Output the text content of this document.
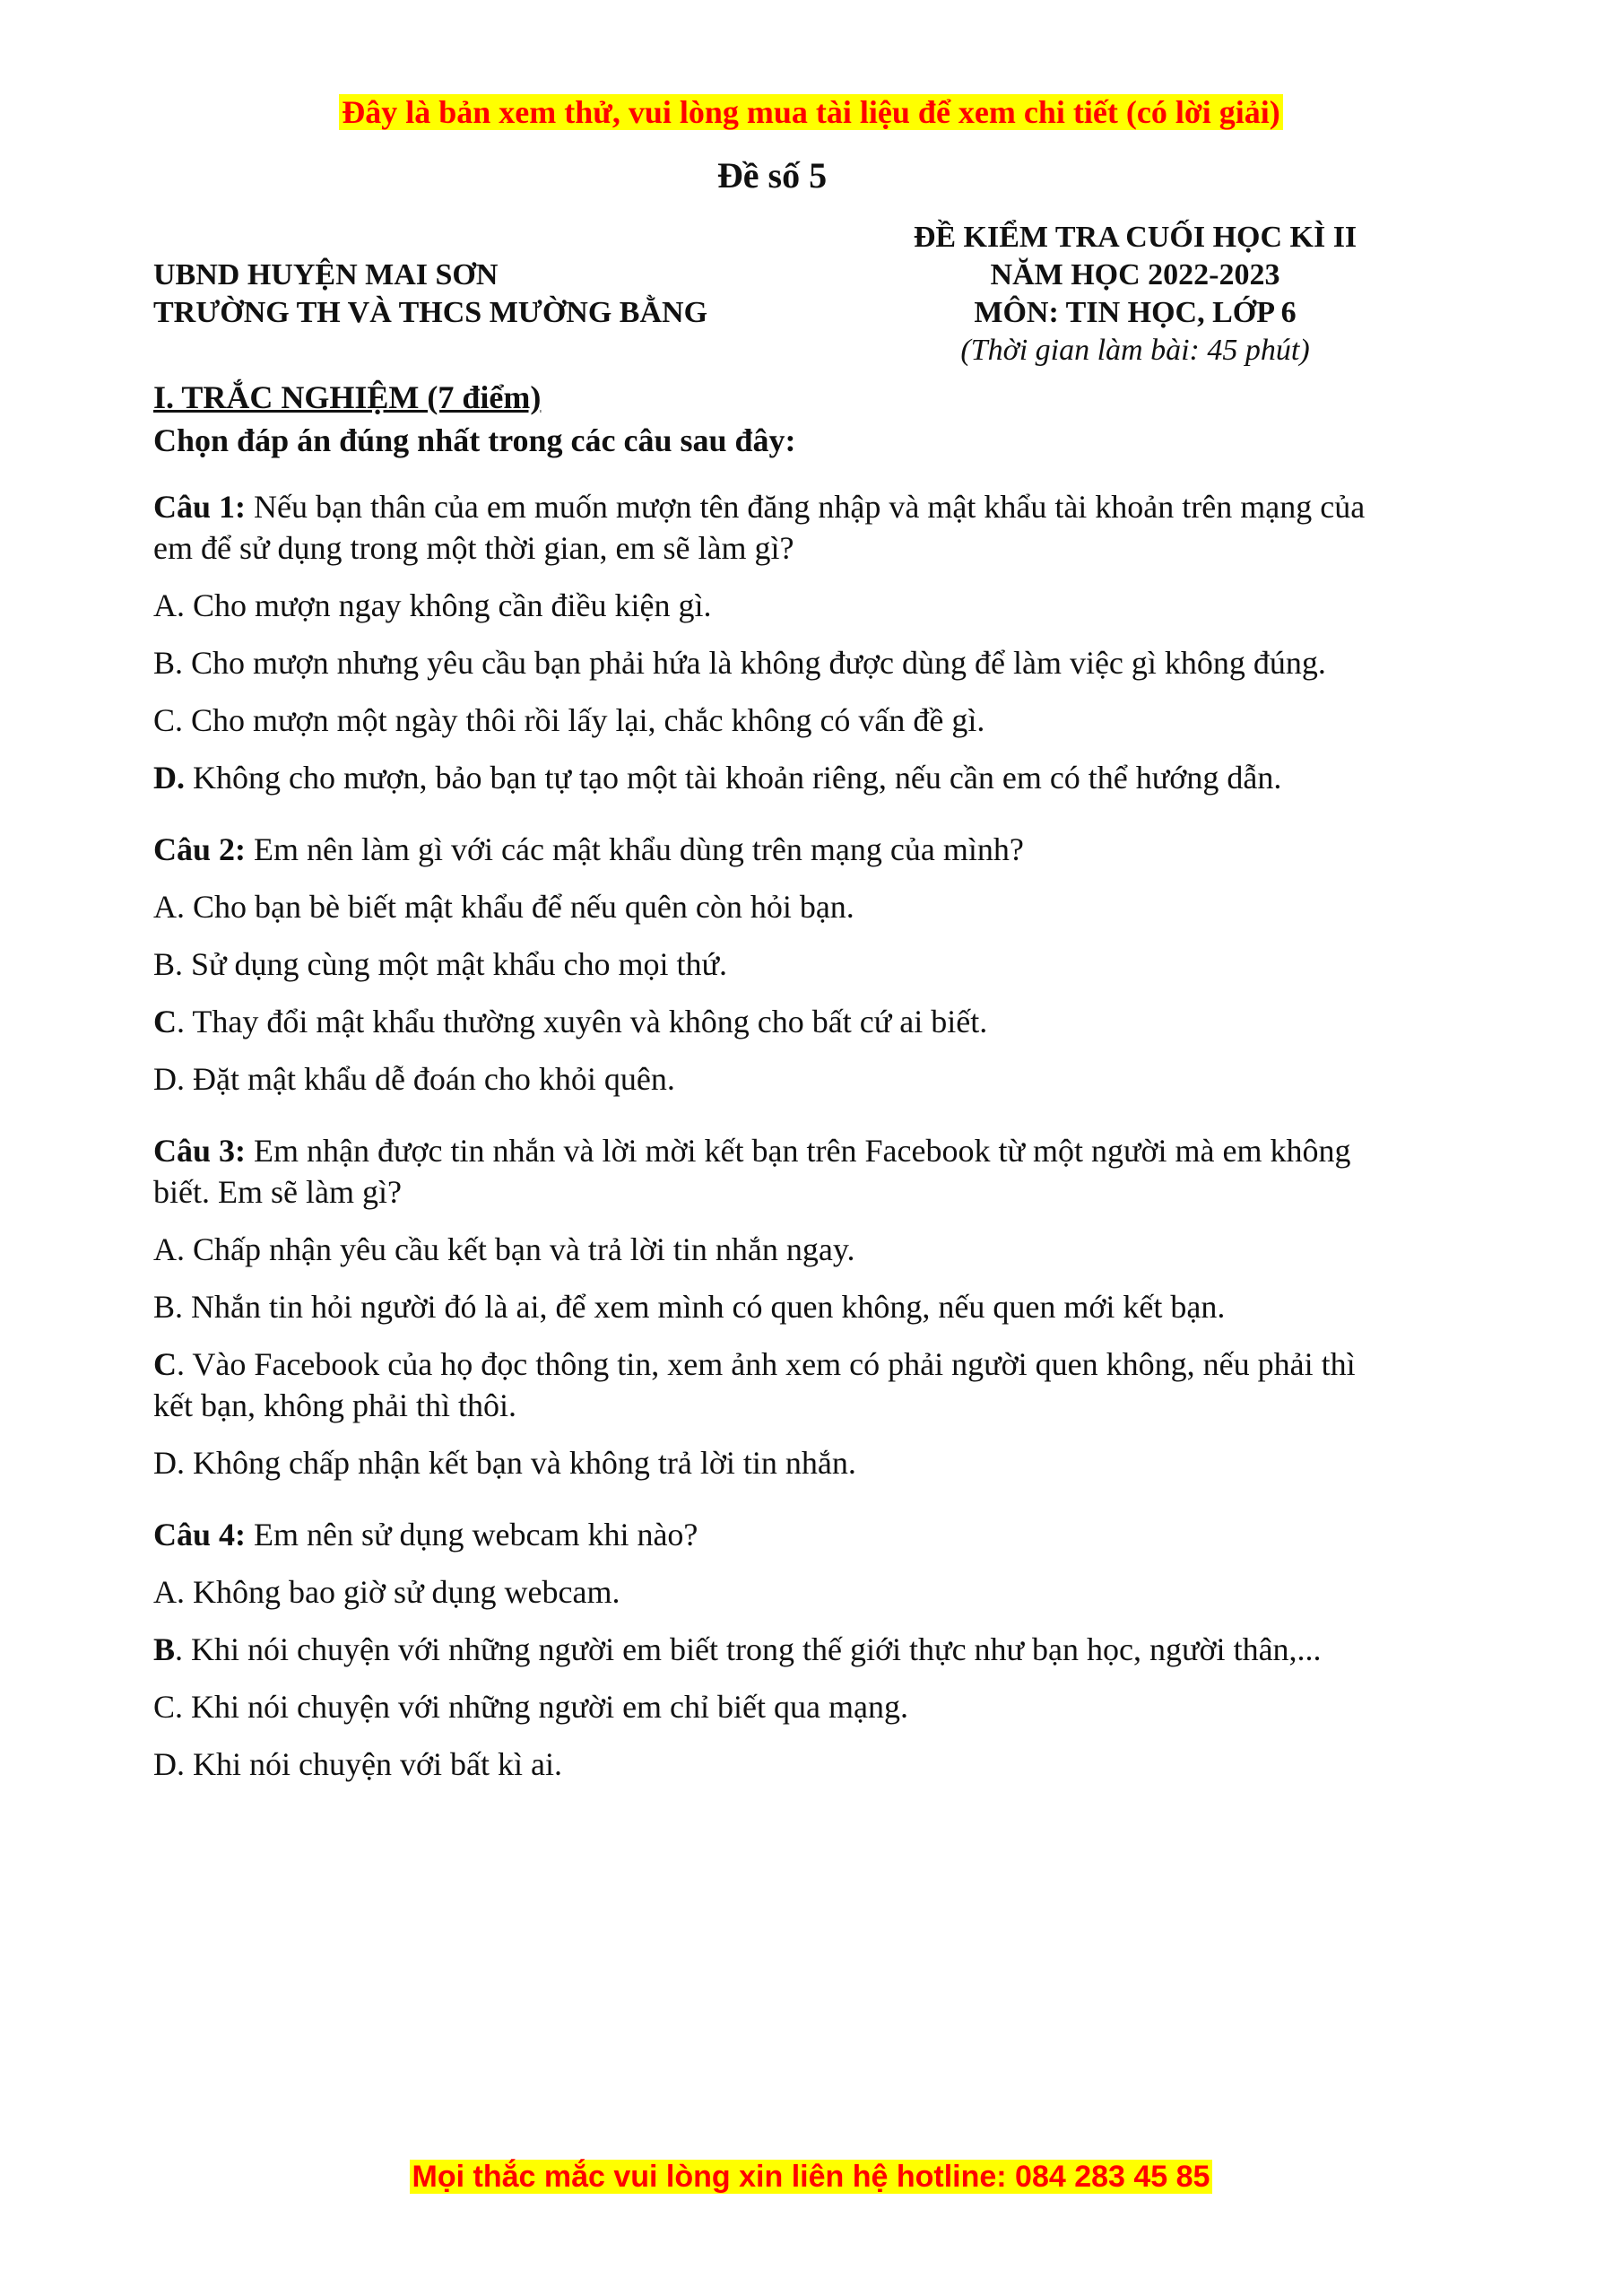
Đây là bản xem thử, vui lòng mua tài liệu để xem chi tiết (có lời giải)
Đề số 5
UBND HUYỆN MAI SƠN
TRƯỜNG TH VÀ THCS MƯỜNG BẰNG
ĐỀ KIỂM TRA CUỐI HỌC KÌ II
NĂM HỌC 2022-2023
MÔN: TIN HỌC, LỚP 6
(Thời gian làm bài: 45 phút)

I. TRẮC NGHIỆM (7 điểm)

Chọn đáp án đúng nhất trong các câu sau đây:

Câu 1: Nếu bạn thân của em muốn mượn tên đăng nhập và mật khẩu tài khoản trên mạng của em để sử dụng trong một thời gian, em sẽ làm gì?

A. Cho mượn ngay không cần điều kiện gì.

B. Cho mượn nhưng yêu cầu bạn phải hứa là không được dùng để làm việc gì không đúng.

C. Cho mượn một ngày thôi rồi lấy lại, chắc không có vấn đề gì.

D. Không cho mượn, bảo bạn tự tạo một tài khoản riêng, nếu cần em có thể hướng dẫn.

Câu 2: Em nên làm gì với các mật khẩu dùng trên mạng của mình?

A. Cho bạn bè biết mật khẩu để nếu quên còn hỏi bạn.

B. Sử dụng cùng một mật khẩu cho mọi thứ.

C. Thay đổi mật khẩu thường xuyên và không cho bất cứ ai biết.

D. Đặt mật khẩu dễ đoán cho khỏi quên.

Câu 3: Em nhận được tin nhắn và lời mời kết bạn trên Facebook từ một người mà em không biết. Em sẽ làm gì?

A. Chấp nhận yêu cầu kết bạn và trả lời tin nhắn ngay.

B. Nhắn tin hỏi người đó là ai, để xem mình có quen không, nếu quen mới kết bạn.

C. Vào Facebook của họ đọc thông tin, xem ảnh xem có phải người quen không, nếu phải thì kết bạn, không phải thì thôi.

D. Không chấp nhận kết bạn và không trả lời tin nhắn.

Câu 4: Em nên sử dụng webcam khi nào?

A. Không bao giờ sử dụng webcam.

B. Khi nói chuyện với những người em biết trong thế giới thực như bạn học, người thân,...

C. Khi nói chuyện với những người em chỉ biết qua mạng.

D. Khi nói chuyện với bất kì ai.

Mọi thắc mắc vui lòng xin liên hệ hotline: 084 283 45 85
